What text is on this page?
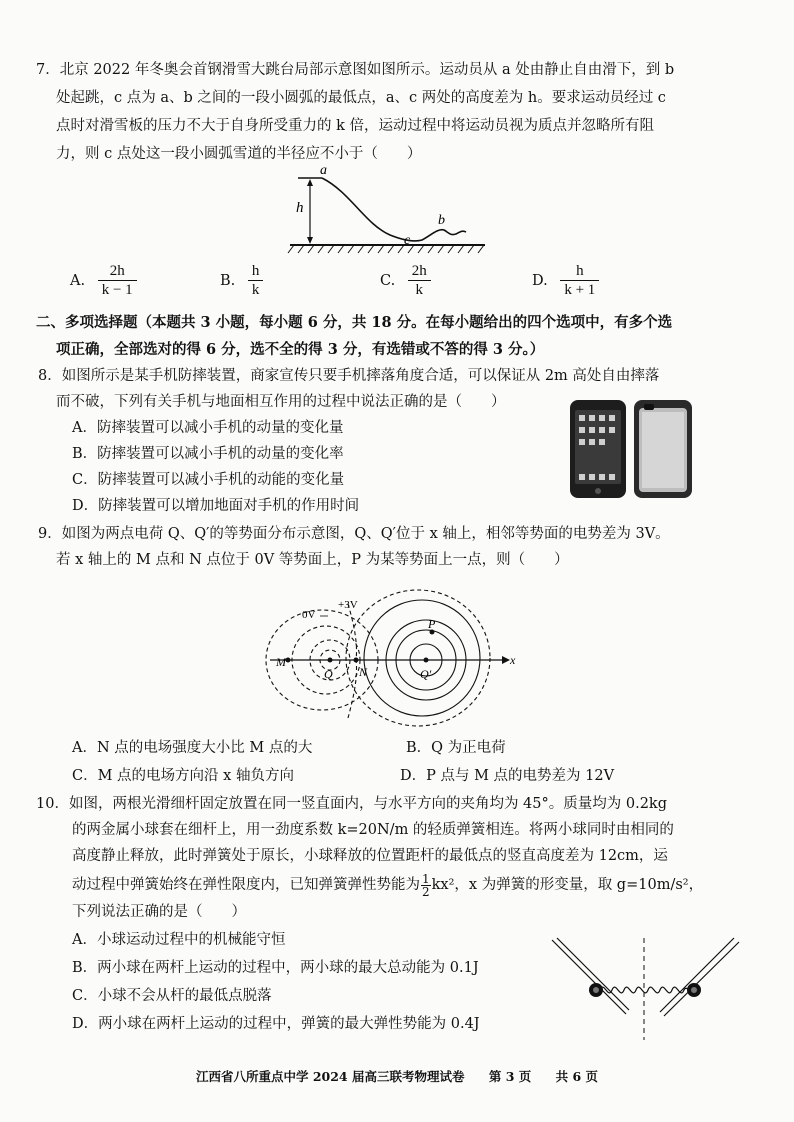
7．北京 2022 年冬奥会首钢滑雪大跳台局部示意图如图所示。运动员从 a 处由静止自由滑下，到 b
处起跳，c 点为 a、b 之间的一段小圆弧的最低点，a、c 两处的高度差为 h。要求运动员经过 c
点时对滑雪板的压力不大于自身所受重力的 k 倍，运动过程中将运动员视为质点并忽略所有阻
力，则 c 点处这一段小圆弧雪道的半径应不小于（　　）
h
a
b
c
A. $\frac{2h}{k - 1}$	B. $\frac{h}{k}$	C. $\frac{2h}{k}$	D. $\frac{h}{k + 1}$
二、多项选择题（本题共 3 小题，每小题 6 分，共 18 分。在每小题给出的四个选项中，有多个选
项正确，全部选对的得 6 分，选不全的得 3 分，有选错或不答的得 3 分。）
8．如图所示是某手机防摔装置，商家宣传只要手机摔落角度合适，可以保证从 2m 高处自由摔落
而不破，下列有关手机与地面相互作用的过程中说法正确的是（　　）
A．防摔装置可以减小手机的动量的变化量
B．防摔装置可以减小手机的动量的变化率
C．防摔装置可以减小手机的动能的变化量
D．防摔装置可以增加地面对手机的作用时间
9．如图为两点电荷 Q、Q′的等势面分布示意图，Q、Q′位于 x 轴上，相邻等势面的电势差为 3V。
若 x 轴上的 M 点和 N 点位于 0V 等势面上，P 为某等势面上一点，则（　　）
x
M
Q N	Q′
P
0V
+3V
A．N 点的电场强度大小比 M 点的大	B．Q 为正电荷
C．M 点的电场方向沿 x 轴负方向	D．P 点与 M 点的电势差为 12V
10．如图，两根光滑细杆固定放置在同一竖直面内，与水平方向的夹角均为 45°。质量均为 0.2kg
的两金属小球套在细杆上，用一劲度系数 k=20N/m 的轻质弹簧相连。将两小球同时由相同的
高度静止释放，此时弹簧处于原长，小球释放的位置距杆的最低点的竖直高度差为 12cm，运
动过程中弹簧始终在弹性限度内，已知弹簧弹性势能为 $\frac{1}{2} kx^2$，x 为弹簧的形变量，取 g=10m/s²，
下列说法正确的是（　　）
A．小球运动过程中的机械能守恒
B．两小球在两杆上运动的过程中，两小球的最大总动能为 0.1J
C．小球不会从杆的最低点脱落
D．两小球在两杆上运动的过程中，弹簧的最大弹性势能为 0.4J
江西省八所重点中学 2024 届高三联考物理试卷 第 3 页 共 6 页
